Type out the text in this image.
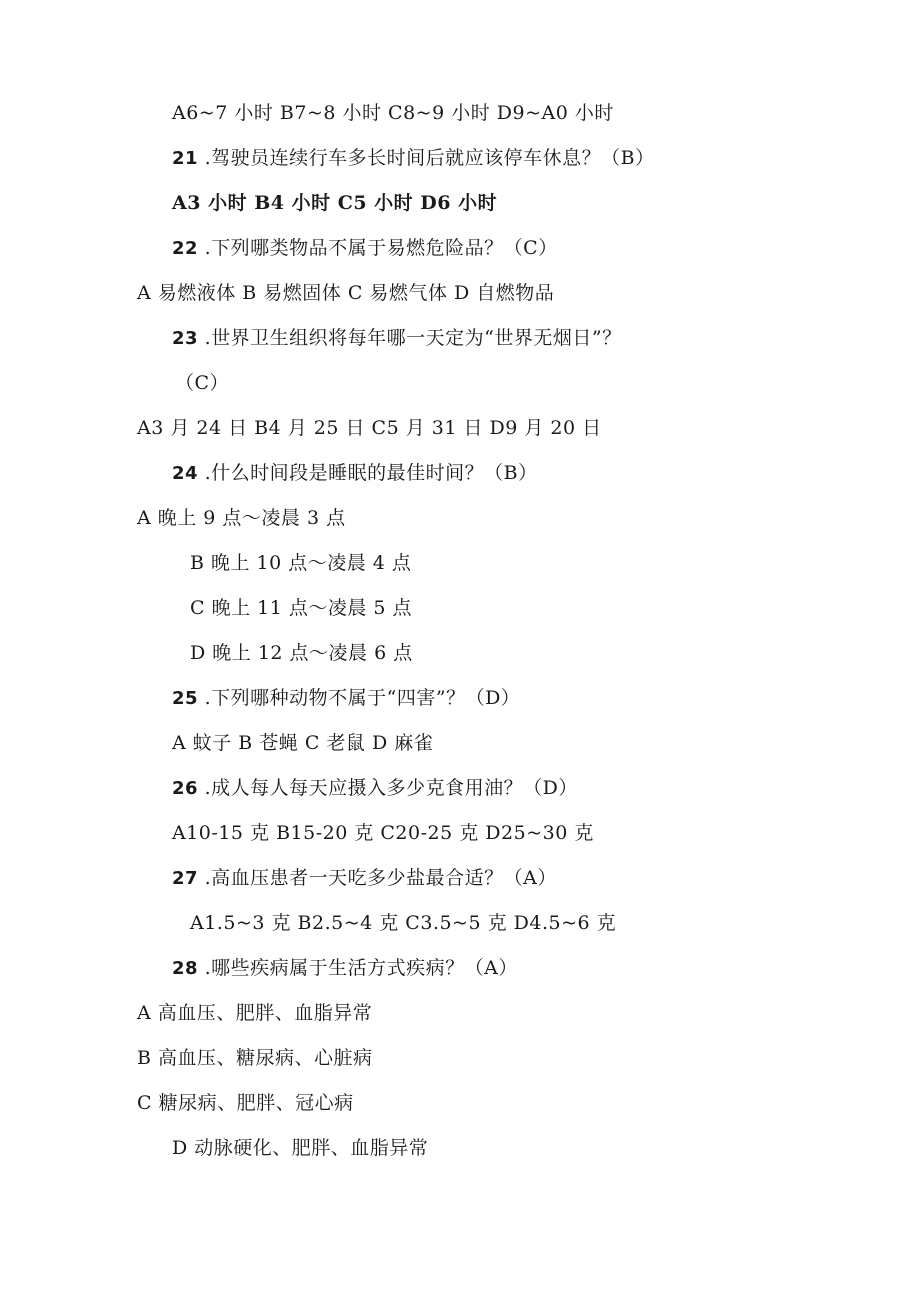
A6~7 小时 B7~8 小时 C8~9 小时 D9~A0 小时
21 .驾驶员连续行车多长时间后就应该停车休息？（B）
A3 小时 B4 小时 C5 小时 D6 小时
22 .下列哪类物品不属于易燃危险品？（C）
A 易燃液体 B 易燃固体 C 易燃气体 D 自燃物品
23 .世界卫生组织将每年哪一天定为“世界无烟日”？
（C）
A3 月 24 日 B4 月 25 日 C5 月 31 日 D9 月 20 日
24 .什么时间段是睡眠的最佳时间？（B）
A 晚上 9 点～凌晨 3 点
B 晚上 10 点～凌晨 4 点
C 晚上 11 点～凌晨 5 点
D 晚上 12 点～凌晨 6 点
25 .下列哪种动物不属于“四害”？（D）
A 蚊子 B 苍蝇 C 老鼠 D 麻雀
26 .成人每人每天应摄入多少克食用油？（D）
A10-15 克 B15-20 克 C20-25 克 D25~30 克
27 .高血压患者一天吃多少盐最合适？（A）
A1.5~3 克 B2.5~4 克 C3.5~5 克 D4.5~6 克
28 .哪些疾病属于生活方式疾病？（A）
A 高血压、肥胖、血脂异常
B 高血压、糖尿病、心脏病
C 糖尿病、肥胖、冠心病
D 动脉硬化、肥胖、血脂异常
